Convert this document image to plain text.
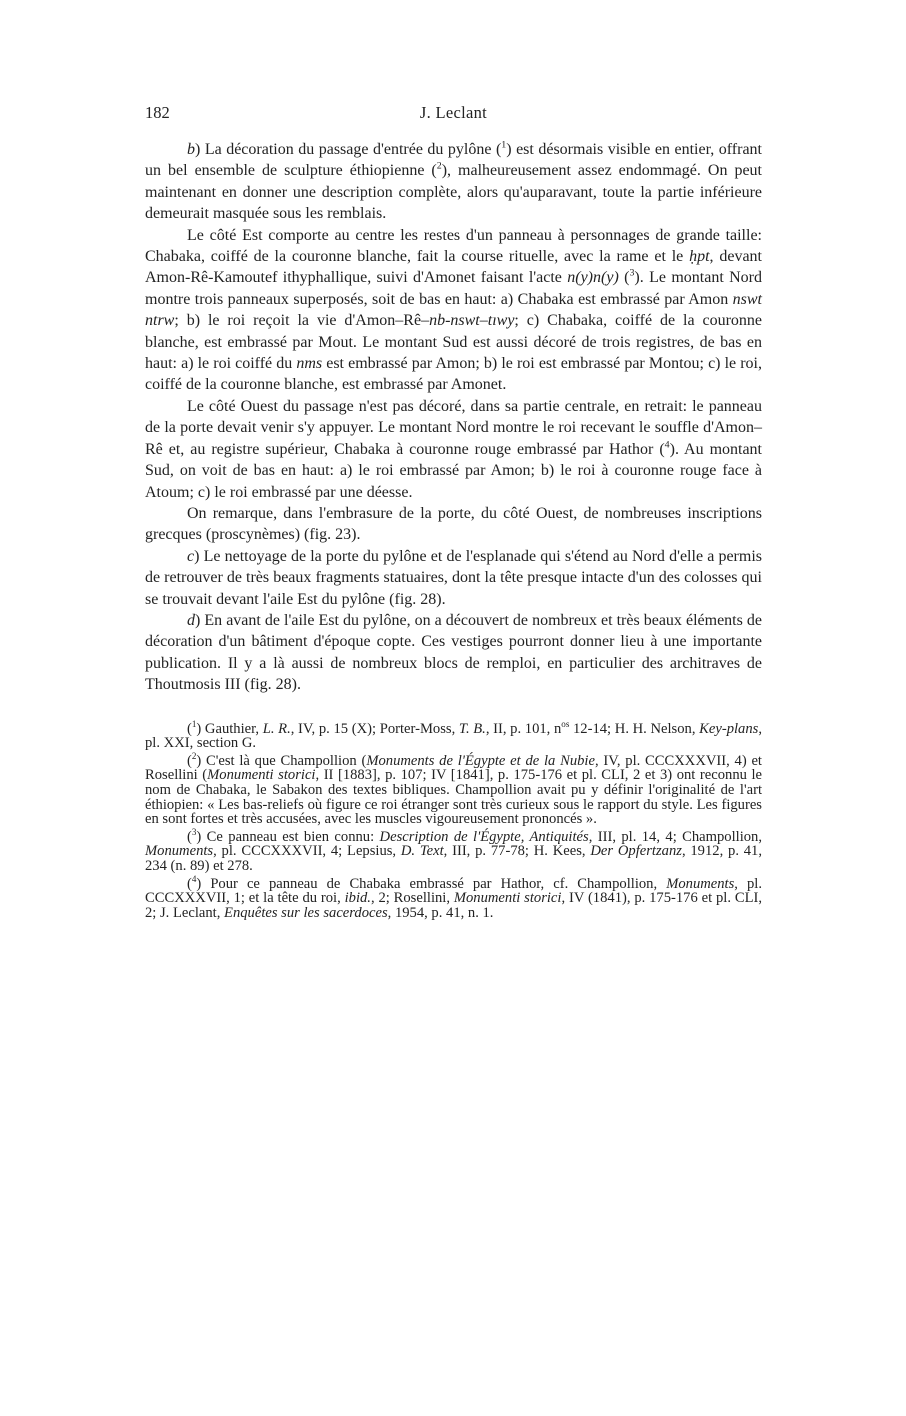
182	J. Leclant

b) La décoration du passage d'entrée du pylône ($^1$) est désormais visible en entier, offrant un bel ensemble de sculpture éthiopienne ($^2$), malheureusement assez endommagé. On peut maintenant en donner une description complète, alors qu'auparavant, toute la partie inférieure demeurait masquée sous les remblais.

Le côté Est comporte au centre les restes d'un panneau à personnages de grande taille: Chabaka, coiffé de la couronne blanche, fait la course rituelle, avec la rame et le ḥpt, devant Amon-Rê-Kamoutef ithyphallique, suivi d'Amonet faisant l'acte n(y)n(y) ($^3$). Le montant Nord montre trois panneaux superposés, soit de bas en haut: a) Chabaka est embrassé par Amon nswt ntrw; b) le roi reçoit la vie d'Amon–Rê–nb-nswt–tıwy; c) Chabaka, coiffé de la couronne blanche, est embrassé par Mout. Le montant Sud est aussi décoré de trois registres, de bas en haut: a) le roi coiffé du nms est embrassé par Amon; b) le roi est embrassé par Montou; c) le roi, coiffé de la couronne blanche, est embrassé par Amonet.

Le côté Ouest du passage n'est pas décoré, dans sa partie centrale, en retrait: le panneau de la porte devait venir s'y appuyer. Le montant Nord montre le roi recevant le souffle d'Amon–Rê et, au registre supérieur, Chabaka à couronne rouge embrassé par Hathor ($^4$). Au montant Sud, on voit de bas en haut: a) le roi embrassé par Amon; b) le roi à couronne rouge face à Atoum; c) le roi embrassé par une déesse.

On remarque, dans l'embrasure de la porte, du côté Ouest, de nombreuses inscriptions grecques (proscynèmes) (fig. 23).

c) Le nettoyage de la porte du pylône et de l'esplanade qui s'étend au Nord d'elle a permis de retrouver de très beaux fragments statuaires, dont la tête presque intacte d'un des colosses qui se trouvait devant l'aile Est du pylône (fig. 28).

d) En avant de l'aile Est du pylône, on a découvert de nombreux et très beaux éléments de décoration d'un bâtiment d'époque copte. Ces vestiges pourront donner lieu à une importante publication. Il y a là aussi de nombreux blocs de remploi, en particulier des architraves de Thoutmosis III (fig. 28).

($^1$) Gauthier, L. R., IV, p. 15 (X); Porter-Moss, T. B., II, p. 101, $n^{os}$ 12-14; H. H. Nelson, Key-plans, pl. XXI, section G.

($^2$) C'est là que Champollion (Monuments de l'Égypte et de la Nubie, IV, pl. CCCXXXVII, 4) et Rosellini (Monumenti storici, II [1883], p. 107; IV [1841], p. 175-176 et pl. CLI, 2 et 3) ont reconnu le nom de Chabaka, le Sabakon des textes bibliques. Champollion avait pu y définir l'originalité de l'art éthiopien: « Les bas-reliefs où figure ce roi étranger sont très curieux sous le rapport du style. Les figures en sont fortes et très accusées, avec les muscles vigoureusement prononcés ».

($^3$) Ce panneau est bien connu: Description de l'Égypte, Antiquités, III, pl. 14, 4; Champollion, Monuments, pl. CCCXXXVII, 4; Lepsius, D. Text, III, p. 77-78; H. Kees, Der Opfertzanz, 1912, p. 41, 234 (n. 89) et 278.

($^4$) Pour ce panneau de Chabaka embrassé par Hathor, cf. Champollion, Monuments, pl. CCCXXXVII, 1; et la tête du roi, ibid., 2; Rosellini, Monumenti storici, IV (1841), p. 175-176 et pl. CLI, 2; J. Leclant, Enquêtes sur les sacerdoces, 1954, p. 41, n. 1.
